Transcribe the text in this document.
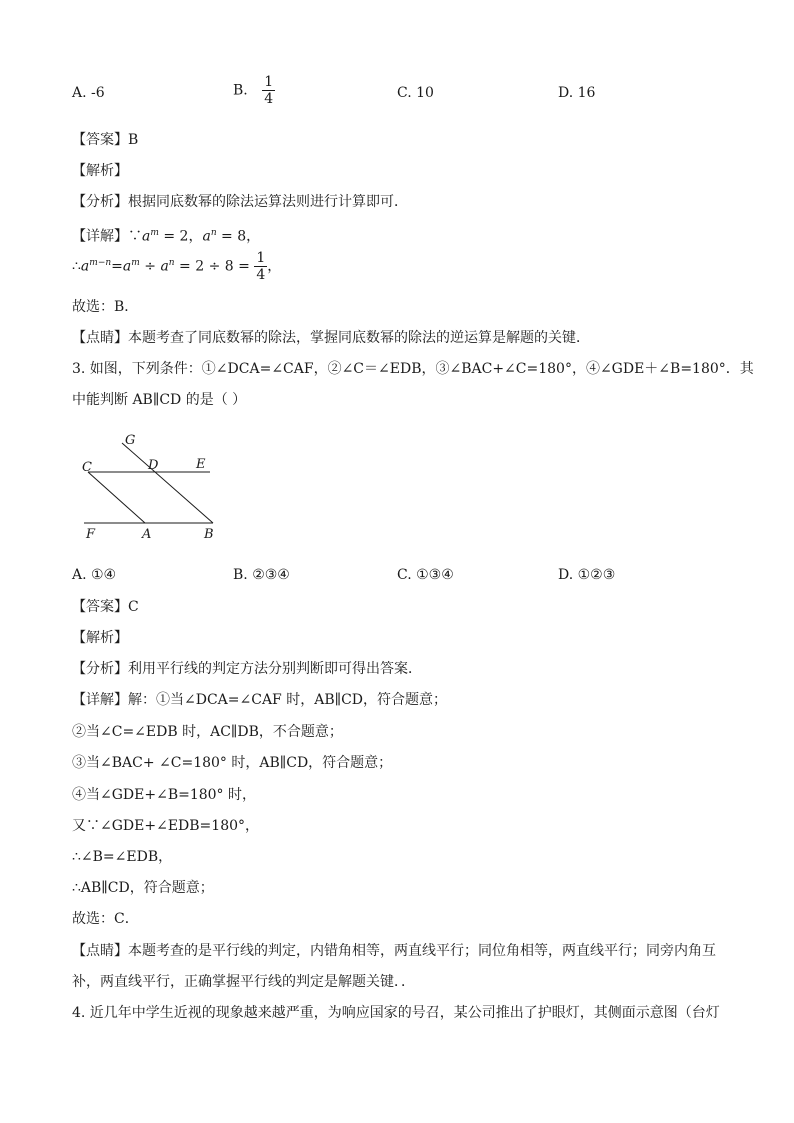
A. -6	B. $\frac{1}{4}$	C. 10	D. 16
【答案】B
【解析】
【分析】根据同底数幂的除法运算法则进行计算即可．
【详解】$\because a^m = 2$，$a^n = 8$，
$\therefore a^{m-n}=a^m \div a^n = 2 \div 8 = \frac{1}{4}$ ，
故选：B．
【点睛】本题考查了同底数幂的除法，掌握同底数幂的除法的逆运算是解题的关键．
3. 如图，下列条件：①∠DCA=∠CAF，②∠C＝∠EDB，③∠BAC+∠C=180°，④∠GDE＋∠B=180°．其
中能判断 AB∥CD 的是（ ）
G
C	D	E
F	A	B
A. ①④	B. ②③④	C. ①③④	D. ①②③
【答案】C
【解析】
【分析】利用平行线的判定方法分别判断即可得出答案．
【详解】解：①当∠DCA=∠CAF 时，AB∥CD，符合题意；
②当∠C=∠EDB 时，AC∥DB，不合题意；
③当∠BAC+ ∠C=180° 时，AB∥CD，符合题意；
④当∠GDE+∠B=180° 时，
又∵∠GDE+∠EDB=180°，
∴∠B=∠EDB，
∴AB∥CD，符合题意；
故选：C．
【点睛】本题考查的是平行线的判定，内错角相等，两直线平行；同位角相等，两直线平行；同旁内角互
补，两直线平行，正确掌握平行线的判定是解题关键．．
4. 近几年中学生近视的现象越来越严重，为响应国家的号召，某公司推出了护眼灯，其侧面示意图（台灯
